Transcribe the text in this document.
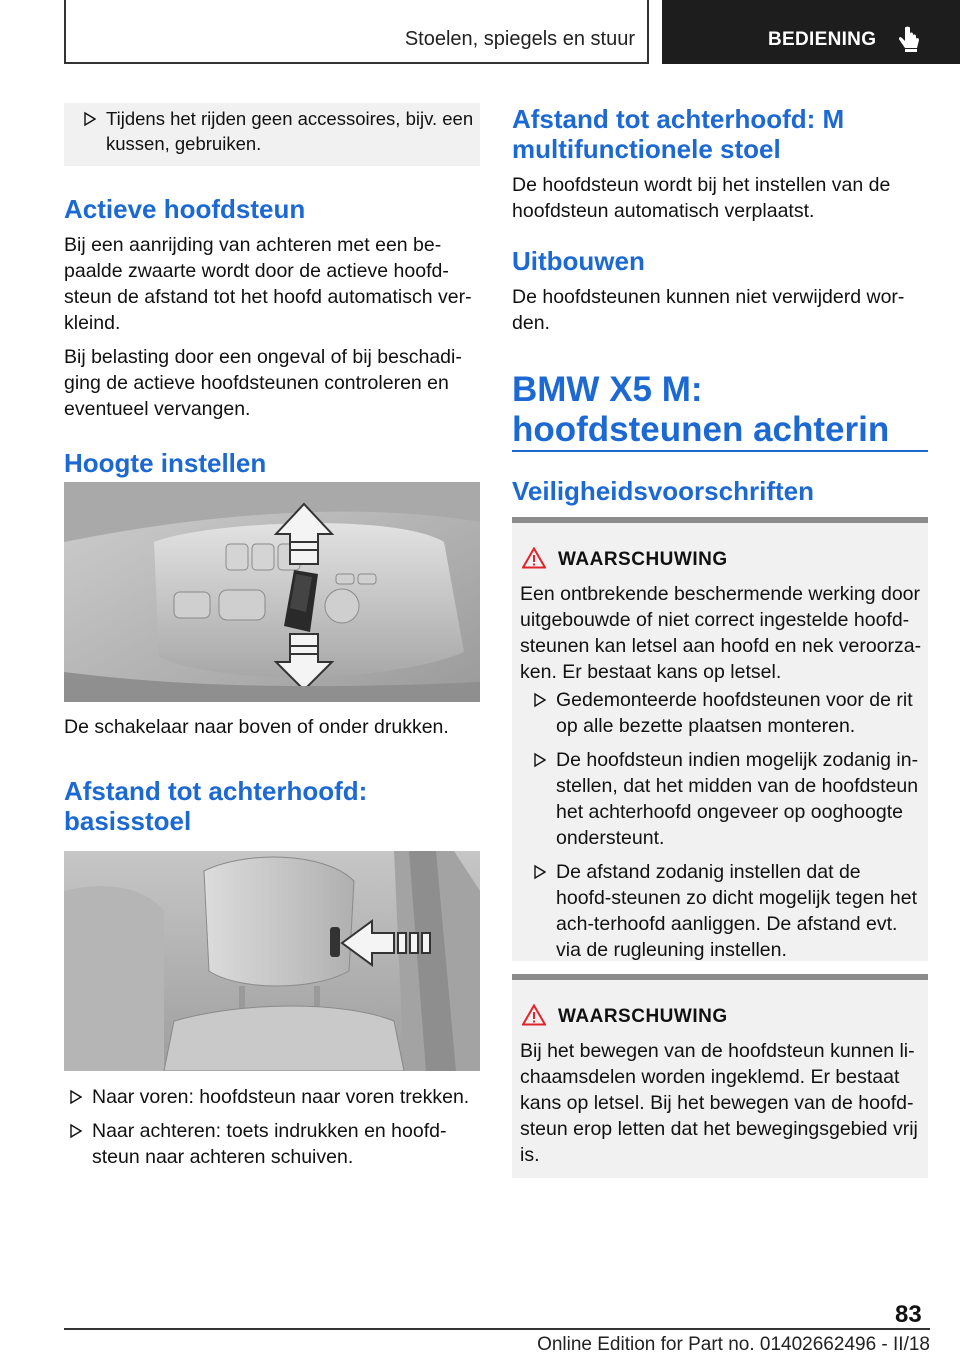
Stoelen, spiegels en stuur	BEDIENING
Tijdens het rijden geen accessoires, bijv. een kussen, gebruiken.
Actieve hoofdsteun

Bij een aanrijding van achteren met een be-paalde zwaarte wordt door de actieve hoofd-steun de afstand tot het hoofd automatisch ver-kleind.

Bij belasting door een ongeval of bij beschadi-ging de actieve hoofdsteunen controleren en eventueel vervangen.

Hoogte instellen

De schakelaar naar boven of onder drukken.

Afstand tot achterhoofd: basisstoel
Naar voren: hoofdsteun naar voren trekken.
Naar achteren: toets indrukken en hoofd-steun naar achteren schuiven.
Afstand tot achterhoofd: M multifunctionele stoel

De hoofdsteun wordt bij het instellen van de hoofdsteun automatisch verplaatst.

Uitbouwen

De hoofdsteunen kunnen niet verwijderd wor-den.

BMW X5 M: hoofdsteunen achterin
Veiligheidsvoorschriften
WAARSCHUWING

Een ontbrekende beschermende werking door uitgebouwde of niet correct ingestelde hoofd-steunen kan letsel aan hoofd en nek veroorza-ken. Er bestaat kans op letsel.

Gedemonteerde hoofdsteunen voor de rit op alle bezette plaatsen monteren.
De hoofdsteun indien mogelijk zodanig in-stellen, dat het midden van de hoofdsteun het achterhoofd ongeveer op ooghoogte ondersteunt.
De afstand zodanig instellen dat de hoofd-steunen zo dicht mogelijk tegen het ach-terhoofd aanliggen. De afstand evt. via de rugleuning instellen.
WAARSCHUWING

Bij het bewegen van de hoofdsteun kunnen li-chaamsdelen worden ingeklemd. Er bestaat kans op letsel. Bij het bewegen van de hoofd-steun erop letten dat het bewegingsgebied vrij is.

83
Online Edition for Part no. 01402662496 - II/18
